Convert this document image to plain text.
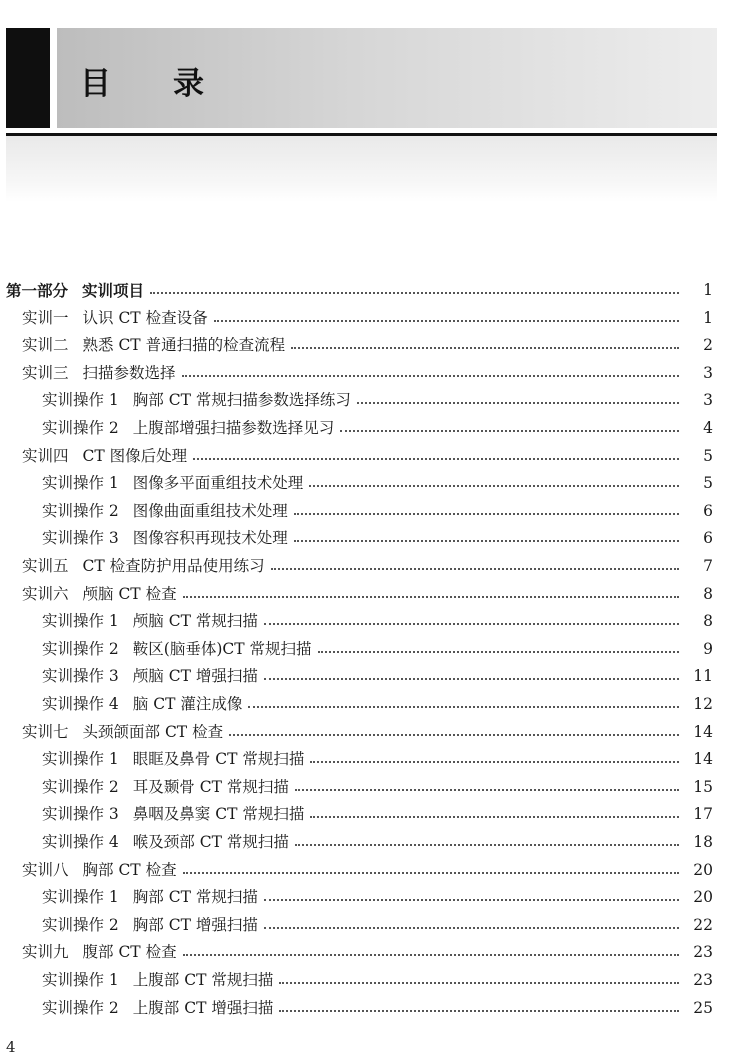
目 录
第一部分 实训项目	1
实训一 认识 CT 检查设备	1
实训二 熟悉 CT 普通扫描的检查流程	2
实训三 扫描参数选择	3
实训操作 1 胸部 CT 常规扫描参数选择练习	3
实训操作 2 上腹部增强扫描参数选择见习	4
实训四 CT 图像后处理	5
实训操作 1 图像多平面重组技术处理	5
实训操作 2 图像曲面重组技术处理	6
实训操作 3 图像容积再现技术处理	6
实训五 CT 检查防护用品使用练习	7
实训六 颅脑 CT 检查	8
实训操作 1 颅脑 CT 常规扫描	8
实训操作 2 鞍区(脑垂体)CT 常规扫描	9
实训操作 3 颅脑 CT 增强扫描	11
实训操作 4 脑 CT 灌注成像	12
实训七 头颈颌面部 CT 检查	14
实训操作 1 眼眶及鼻骨 CT 常规扫描	14
实训操作 2 耳及颞骨 CT 常规扫描	15
实训操作 3 鼻咽及鼻窦 CT 常规扫描	17
实训操作 4 喉及颈部 CT 常规扫描	18
实训八 胸部 CT 检查	20
实训操作 1 胸部 CT 常规扫描	20
实训操作 2 胸部 CT 增强扫描	22
实训九 腹部 CT 检查	23
实训操作 1 上腹部 CT 常规扫描	23
实训操作 2 上腹部 CT 增强扫描	25
4
